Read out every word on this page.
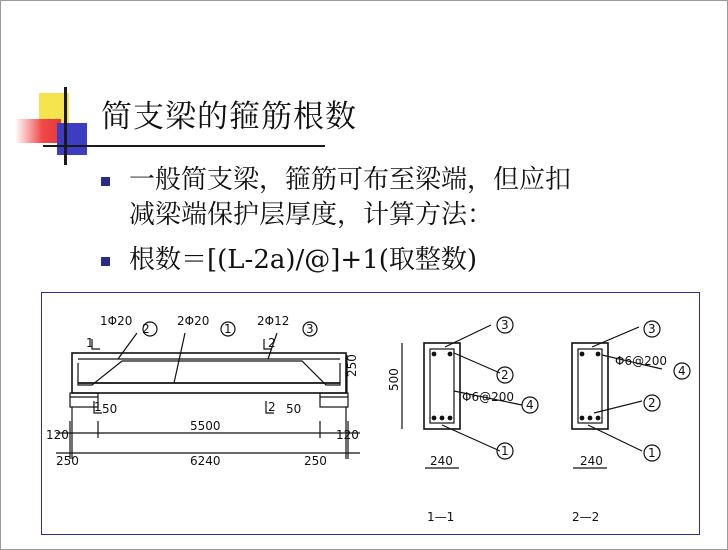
简支梁的箍筋根数
一般简支梁，箍筋可布至梁端，但应扣
减梁端保护层厚度，计算方法：
根数＝[(L-2a)/@]+1(取整数)
1Φ20
2
2Φ20
1
2Φ12
3
1	2
1	2
250
50	50
120	120
5500
250	250
6240
500
240
Φ6@200
3
2
4
1
1—1
240
Φ6@200
3
4
2
1
2—2
